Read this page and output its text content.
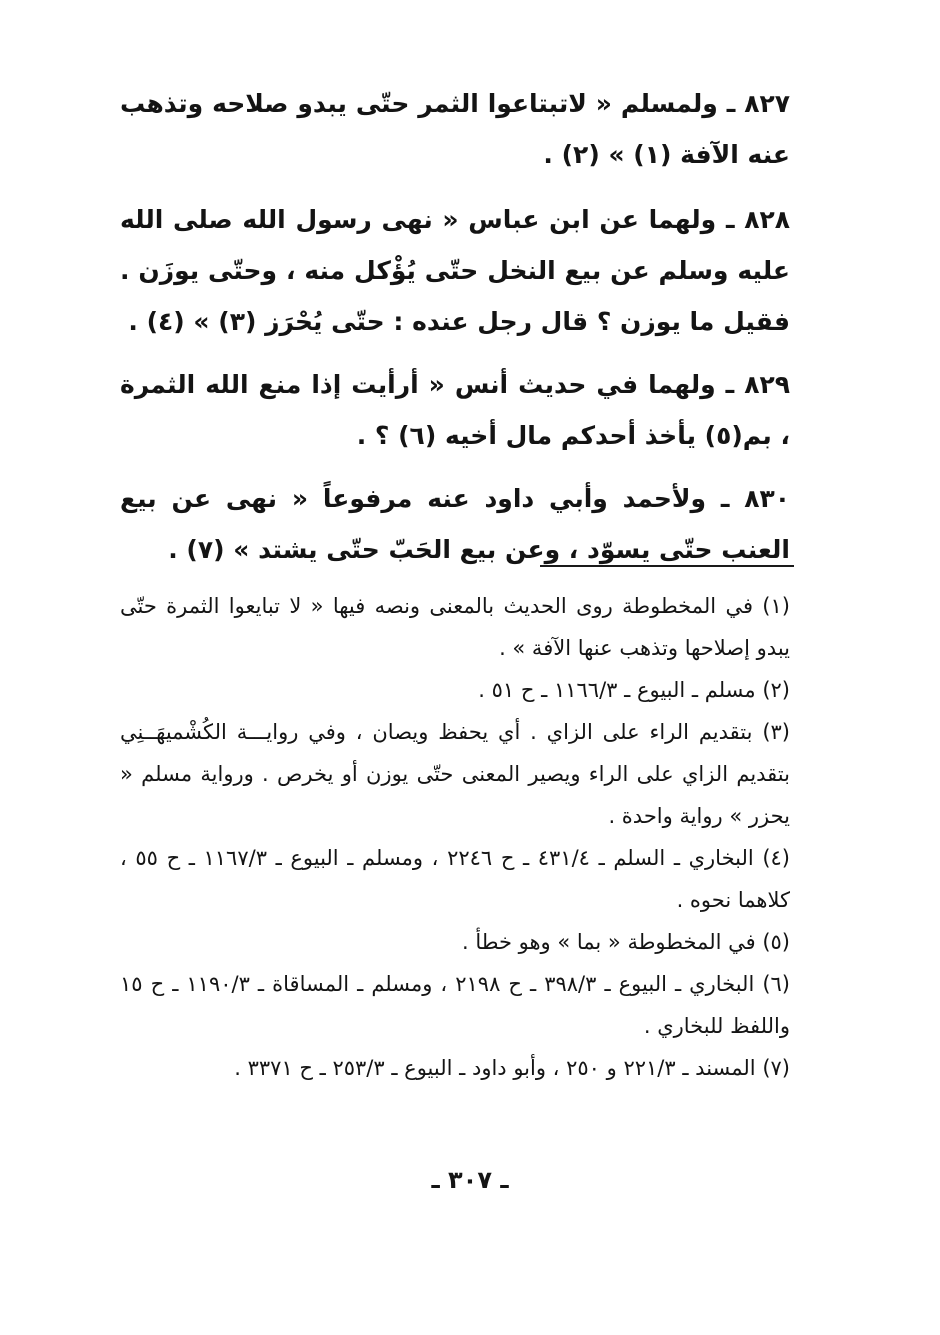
٨٢٧ ـ ولمسلم « لاتبتاعوا الثمر حتّى يبدو صلاحه وتذهب عنه الآفة (١) » (٢) .

٨٢٨ ـ ولهما عن ابن عباس « نهى رسول الله صلى الله عليه وسلم عن بيع النخل حتّى يُؤْكل منه ، وحتّى يوزَن . فقيل ما يوزن ؟ قال رجل عنده : حتّى يُحْرَز (٣) » (٤) .

٨٢٩ ـ ولهما في حديث أنس « أرأيت إذا منع الله الثمرة ، بم(٥) يأخذ أحدكم مال أخيه (٦) ؟ .

٨٣٠ ـ ولأحمد وأبي داود عنه مرفوعاً « نهى عن بيع العنب حتّى يسوّد ، وعن بيع الحَبّ حتّى يشتد » (٧) .

(١) في المخطوطة روى الحديث بالمعنى ونصه فيها « لا تبايعوا الثمرة حتّى يبدو إصلاحها وتذهب عنها الآفة » .

(٢) مسلم ـ البيوع ـ ١١٦٦/٣ ـ ح ٥١ .

(٣) بتقديم الراء على الزاي . أي يحفظ ويصان ، وفي روايـــة الكُشْميهَــنِي بتقديم الزاي على الراء ويصير المعنى حتّى يوزن أو يخرص . ورواية مسلم « يحزر » رواية واحدة .

(٤) البخاري ـ السلم ـ ٤٣١/٤ ـ ح ٢٢٤٦ ، ومسلم ـ البيوع ـ ١١٦٧/٣ ـ ح ٥٥ ، كلاهما نحوه .

(٥) في المخطوطة « بما » وهو خطأ .

(٦) البخاري ـ البيوع ـ ٣٩٨/٣ ـ ح ٢١٩٨ ، ومسلم ـ المساقاة ـ ١١٩٠/٣ ـ ح ١٥ واللفظ للبخاري .

(٧) المسند ـ ٢٢١/٣ و ٢٥٠ ، وأبو داود ـ البيوع ـ ٢٥٣/٣ ـ ح ٣٣٧١ .

ـ ٣٠٧ ـ
